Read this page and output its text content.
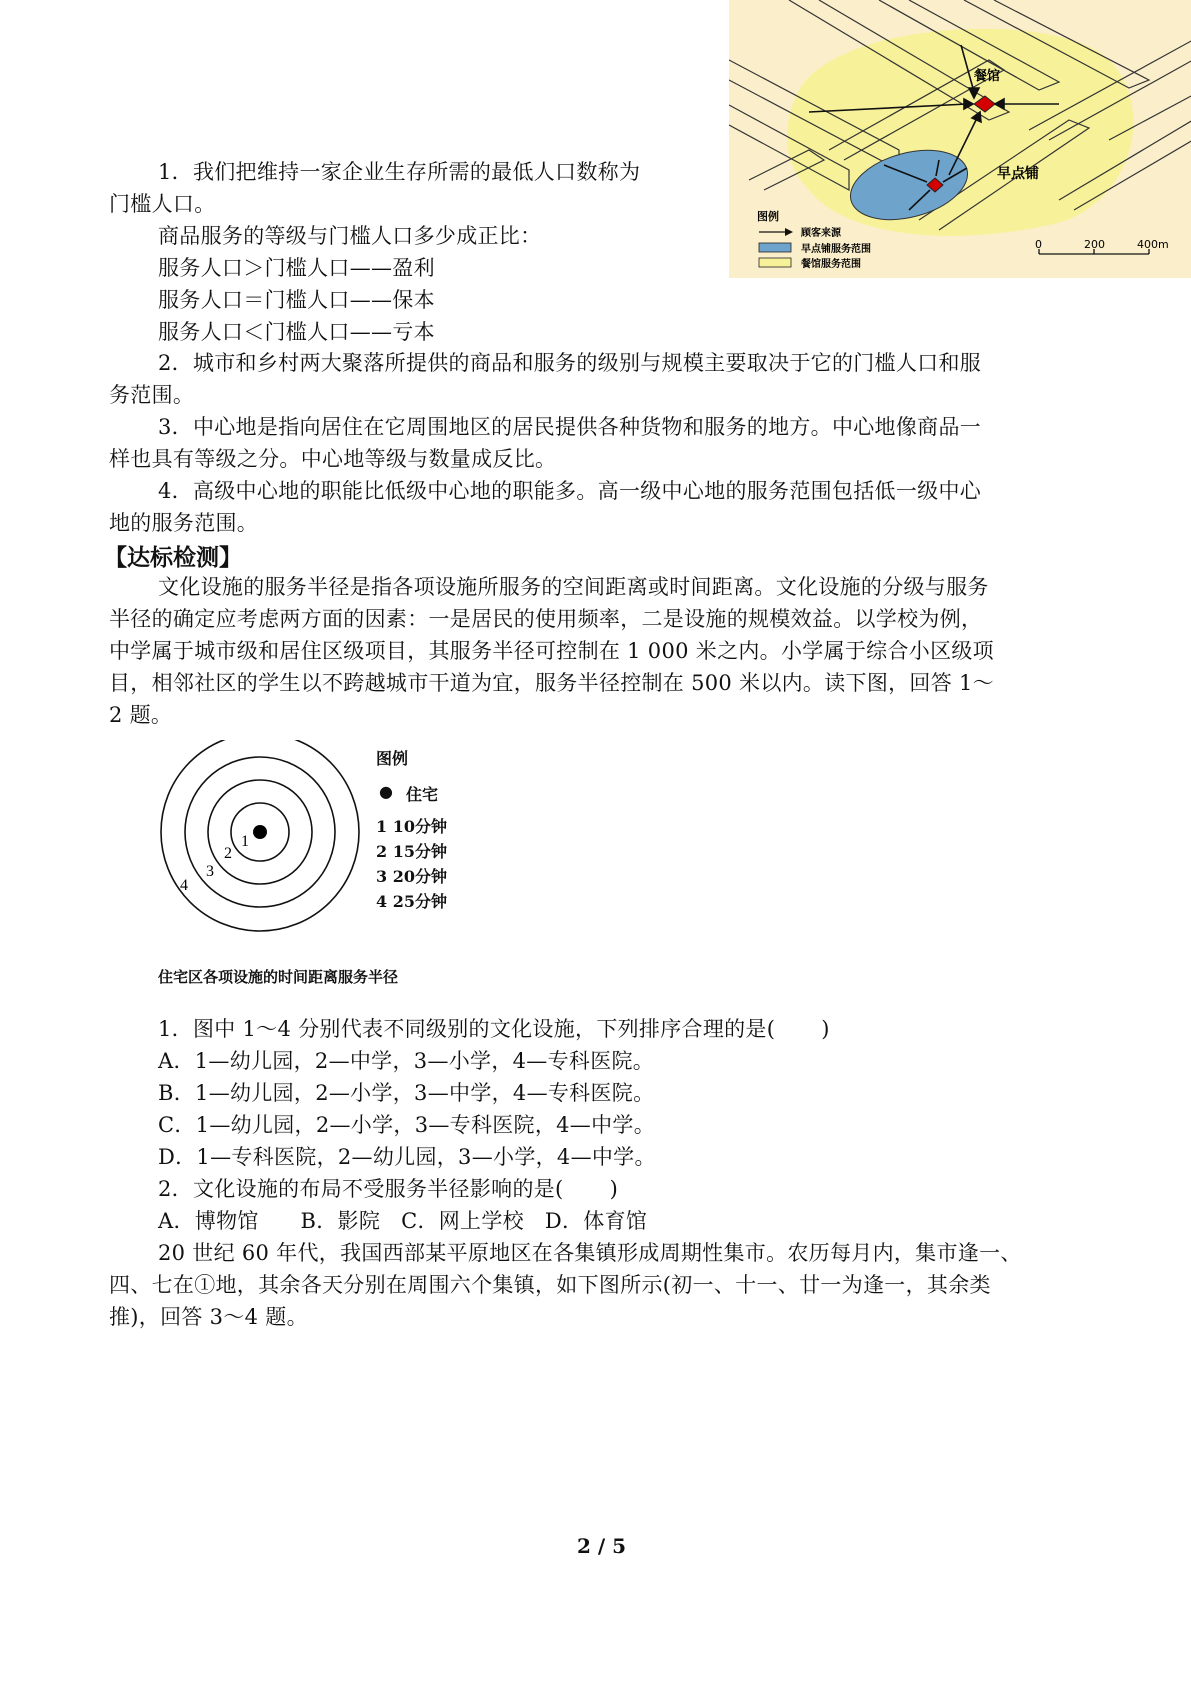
餐馆
早点铺
图例
顾客来源
早点铺服务范围
餐馆服务范围
0	200	400m
1．我们把维持一家企业生存所需的最低人口数称为
门槛人口。
商品服务的等级与门槛人口多少成正比：
服务人口＞门槛人口——盈利
服务人口＝门槛人口——保本
服务人口＜门槛人口——亏本
2．城市和乡村两大聚落所提供的商品和服务的级别与规模主要取决于它的门槛人口和服
务范围。
3．中心地是指向居住在它周围地区的居民提供各种货物和服务的地方。中心地像商品一
样也具有等级之分。中心地等级与数量成反比。
4．高级中心地的职能比低级中心地的职能多。高一级中心地的服务范围包括低一级中心
地的服务范围。
【达标检测】
文化设施的服务半径是指各项设施所服务的空间距离或时间距离。文化设施的分级与服务
半径的确定应考虑两方面的因素：一是居民的使用频率，二是设施的规模效益。以学校为例，
中学属于城市级和居住区级项目，其服务半径可控制在 1 000 米之内。小学属于综合小区级项
目，相邻社区的学生以不跨越城市干道为宜，服务半径控制在 500 米以内。读下图，回答 1～
2 题。
1
2
3
4
图例
● 住宅
1 10分钟
2 15分钟
3 20分钟
4 25分钟
住宅区各项设施的时间距离服务半径
1．图中 1～4 分别代表不同级别的文化设施，下列排序合理的是( )
A．1—幼儿园，2—中学，3—小学，4—专科医院。
B．1—幼儿园，2—小学，3—中学，4—专科医院。
C．1—幼儿园，2—小学，3—专科医院，4—中学。
D．1—专科医院，2—幼儿园，3—小学，4—中学。
2．文化设施的布局不受服务半径影响的是( )
A．博物馆      B．影院   C．网上学校   D．体育馆
20 世纪 60 年代，我国西部某平原地区在各集镇形成周期性集市。农历每月内，集市逢一、
四、七在①地，其余各天分别在周围六个集镇，如下图所示(初一、十一、廿一为逢一，其余类
推)，回答 3～4 题。
2 / 5
